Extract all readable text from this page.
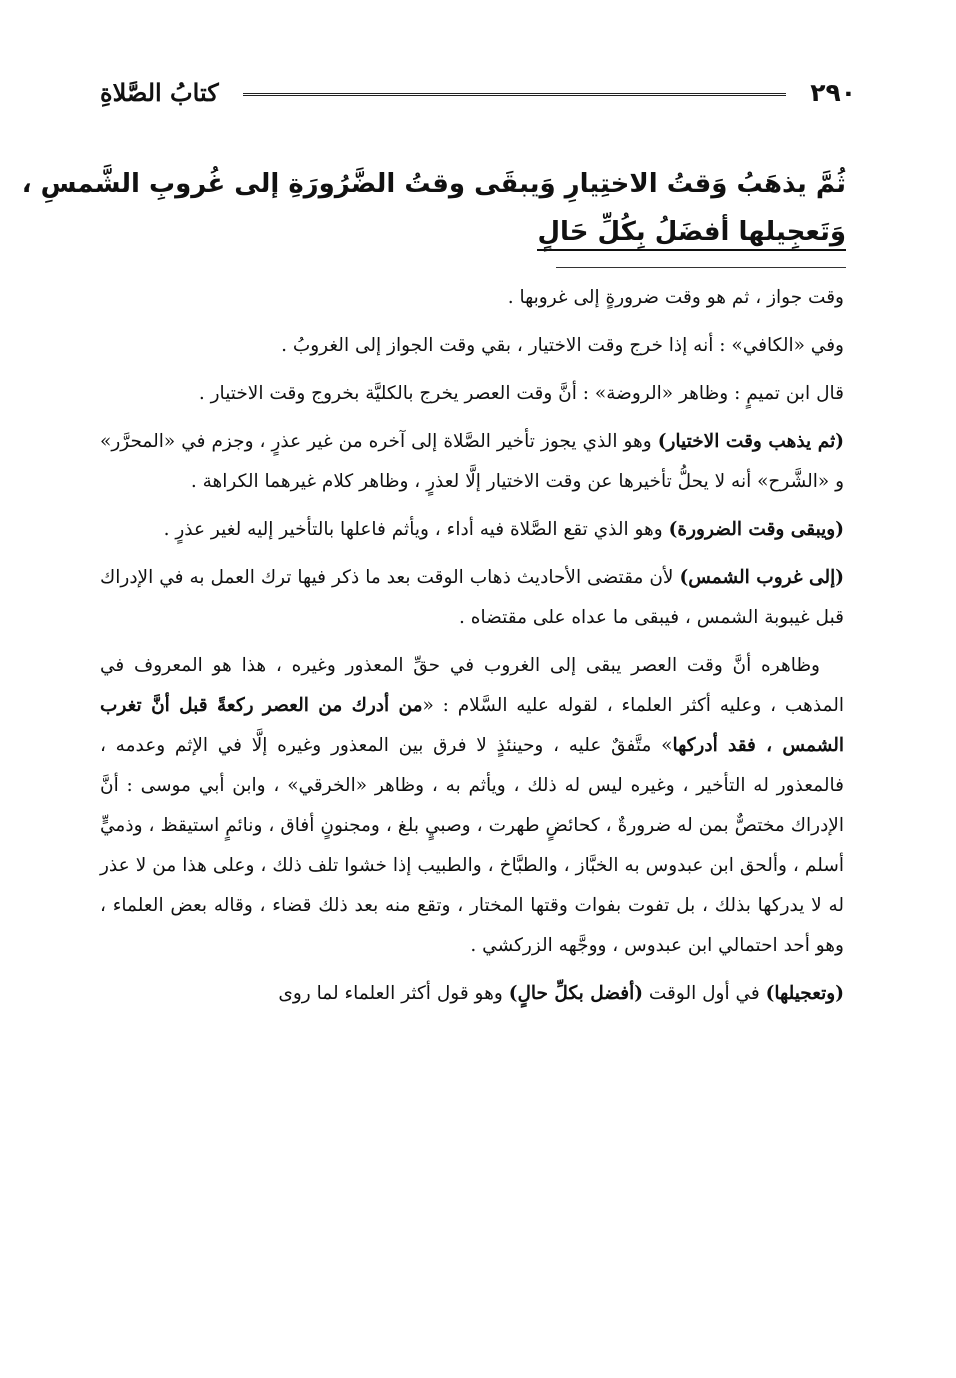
٢٩٠
كتابُ الصَّلاةِ
ثُمَّ يذهَبُ وَقتُ الاختِيارِ وَيبقَى وقتُ الضَّرُورَةِ إلى غُروبِ الشَّمسِ ،
وَتَعجِيلها أفضَلُ بِكُلِّ حَالٍ

وقت جواز ، ثم هو وقت ضرورةٍ إلى غروبها .

وفي «الكافي» : أنه إذا خرج وقت الاختيار ، بقي وقت الجواز إلى الغروبُ .

قال ابن تميمٍ : وظاهر «الروضة» : أنَّ وقت العصر يخرج بالكليَّة بخروج وقت الاختيار .

(ثم يذهب وقت الاختيار) وهو الذي يجوز تأخير الصَّلاة إلى آخره من غير عذرٍ ، وجزم في «المحرَّر» و «الشَّرح» أنه لا يحلُّ تأخيرها عن وقت الاختيار إلَّا لعذرٍ ، وظاهر كلام غيرهما الكراهة .

(ويبقى وقت الضرورة) وهو الذي تقع الصَّلاة فيه أداء ، ويأثم فاعلها بالتأخير إليه لغير عذرٍ .

(إلى غروب الشمس) لأن مقتضى الأحاديث ذهاب الوقت بعد ما ذكر فيها ترك العمل به في الإدراك قبل غيبوبة الشمس ، فيبقى ما عداه على مقتضاه .

وظاهره أنَّ وقت العصر يبقى إلى الغروب في حقِّ المعذور وغيره ، هذا هو المعروف في المذهب ، وعليه أكثر العلماء ، لقوله عليه السَّلام : «من أدرك من العصر ركعةً قبل أنَّ تغرب الشمس ، فقد أدركها» متَّفقٌ عليه ، وحينئذٍ لا فرق بين المعذور وغيره إلَّا في الإثم وعدمه ، فالمعذور له التأخير ، وغيره ليس له ذلك ، ويأثم به ، وظاهر «الخرقي» ، وابن أبي موسى : أنَّ الإدراك مختصٌّ بمن له ضرورةٌ ، كحائضٍ طهرت ، وصبيٍ بلغ ، ومجنونٍ أفاق ، ونائمٍ استيقظ ، وذميٍّ أسلم ، وألحق ابن عبدوس به الخبَّاز ، والطبَّاخ ، والطبيب إذا خشوا تلف ذلك ، وعلى هذا من لا عذر له لا يدركها بذلك ، بل تفوت بفوات وقتها المختار ، وتقع منه بعد ذلك قضاء ، وقاله بعض العلماء ، وهو أحد احتمالي ابن عبدوس ، ووجَّهه الزركشي .

(وتعجيلها) في أول الوقت (أفضل بكلِّ حالٍ) وهو قول أكثر العلماء لما روى
